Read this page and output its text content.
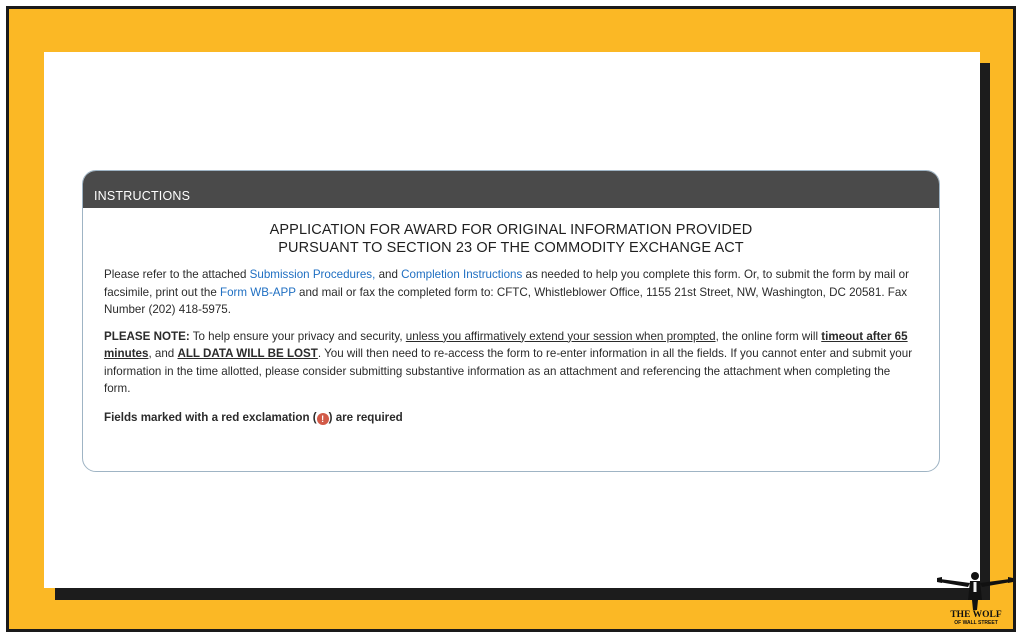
INSTRUCTIONS
APPLICATION FOR AWARD FOR ORIGINAL INFORMATION PROVIDED
PURSUANT TO SECTION 23 OF THE COMMODITY EXCHANGE ACT
Please refer to the attached Submission Procedures, and Completion Instructions as needed to help you complete this form. Or, to submit the form by mail or facsimile, print out the Form WB-APP and mail or fax the completed form to: CFTC, Whistleblower Office, 1155 21st Street, NW, Washington, DC 20581. Fax Number (202) 418-5975.
PLEASE NOTE: To help ensure your privacy and security, unless you affirmatively extend your session when prompted, the online form will timeout after 65 minutes, and ALL DATA WILL BE LOST. You will then need to re-access the form to re-enter information in all the fields. If you cannot enter and submit your information in the time allotted, please consider submitting substantive information as an attachment and referencing the attachment when completing the form.
Fields marked with a red exclamation ( ! ) are required
THE WOLF
OF WALL STREET
